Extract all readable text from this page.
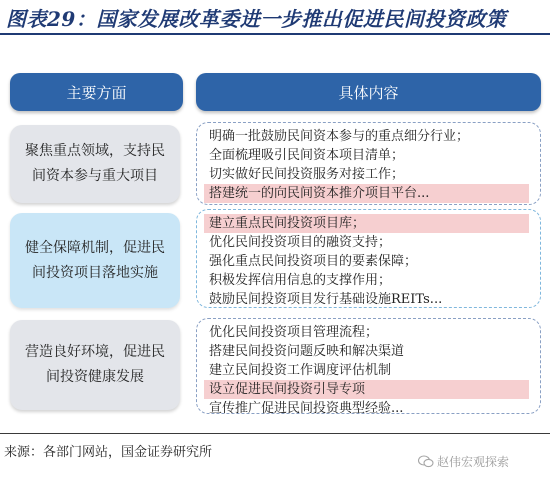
图表29：国家发展改革委进一步推出促进民间投资政策
主要方面	具体内容
聚焦重点领域，支持民间资本参与重大项目
明确一批鼓励民间资本参与的重点细分行业；
全面梳理吸引民间资本项目清单；
切实做好民间投资服务对接工作；
搭建统一的向民间资本推介项目平台...
健全保障机制，促进民间投资项目落地实施
建立重点民间投资项目库；
优化民间投资项目的融资支持；
强化重点民间投资项目的要素保障；
积极发挥信用信息的支撑作用；
鼓励民间投资项目发行基础设施REITs...
营造良好环境，促进民间投资健康发展
优化民间投资项目管理流程；
搭建民间投资问题反映和解决渠道
建立民间投资工作调度评估机制
设立促进民间投资引导专项
宣传推广促进民间投资典型经验...
来源：各部门网站，国金证券研究所
赵伟宏观探索
